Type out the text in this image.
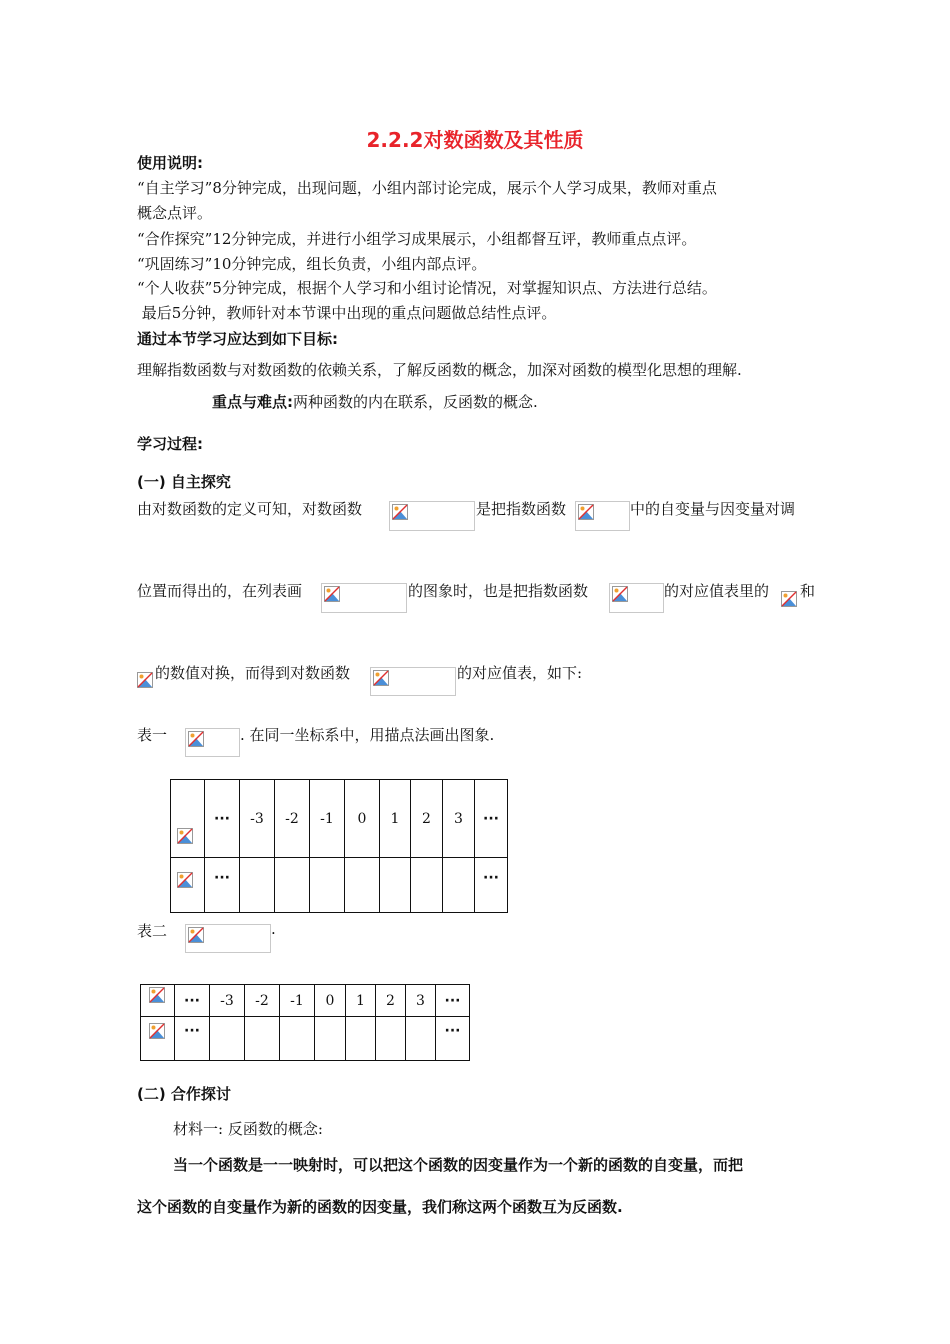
2.2.2对数函数及其性质
使用说明:
“自主学习”8分钟完成，出现问题，小组内部讨论完成，展示个人学习成果，教师对重点
概念点评。
“合作探究”12分钟完成，并进行小组学习成果展示，小组都督互评，教师重点点评。
“巩固练习”10分钟完成，组长负责，小组内部点评。
“个人收获”5分钟完成，根据个人学习和小组讨论情况，对掌握知识点、方法进行总结。
最后5分钟，教师针对本节课中出现的重点问题做总结性点评。
通过本节学习应达到如下目标:
理解指数函数与对数函数的依赖关系，了解反函数的概念，加深对函数的模型化思想的理解.
重点与难点:两种函数的内在联系，反函数的概念.
学习过程:
(一) 自主探究
由对数函数的定义可知，对数函数	是把指数函数	中的自变量与因变量对调
位置而得出的，在列表画	的图象时，也是把指数函数	的对应值表里的 和
的数值对换，而得到对数函数	的对应值表，如下:
表一	. 在同一坐标系中，用描点法画出图象.
	···	-3	-2	-1	0	1	2	3	···

	···								···
表二	.
	···	-3	-2	-1	0	1	2	3	···

	···								···
(二) 合作探讨
材料一: 反函数的概念:
当一个函数是一一映射时，可以把这个函数的因变量作为一个新的函数的自变量，而把
这个函数的自变量作为新的函数的因变量，我们称这两个函数互为反函数.
